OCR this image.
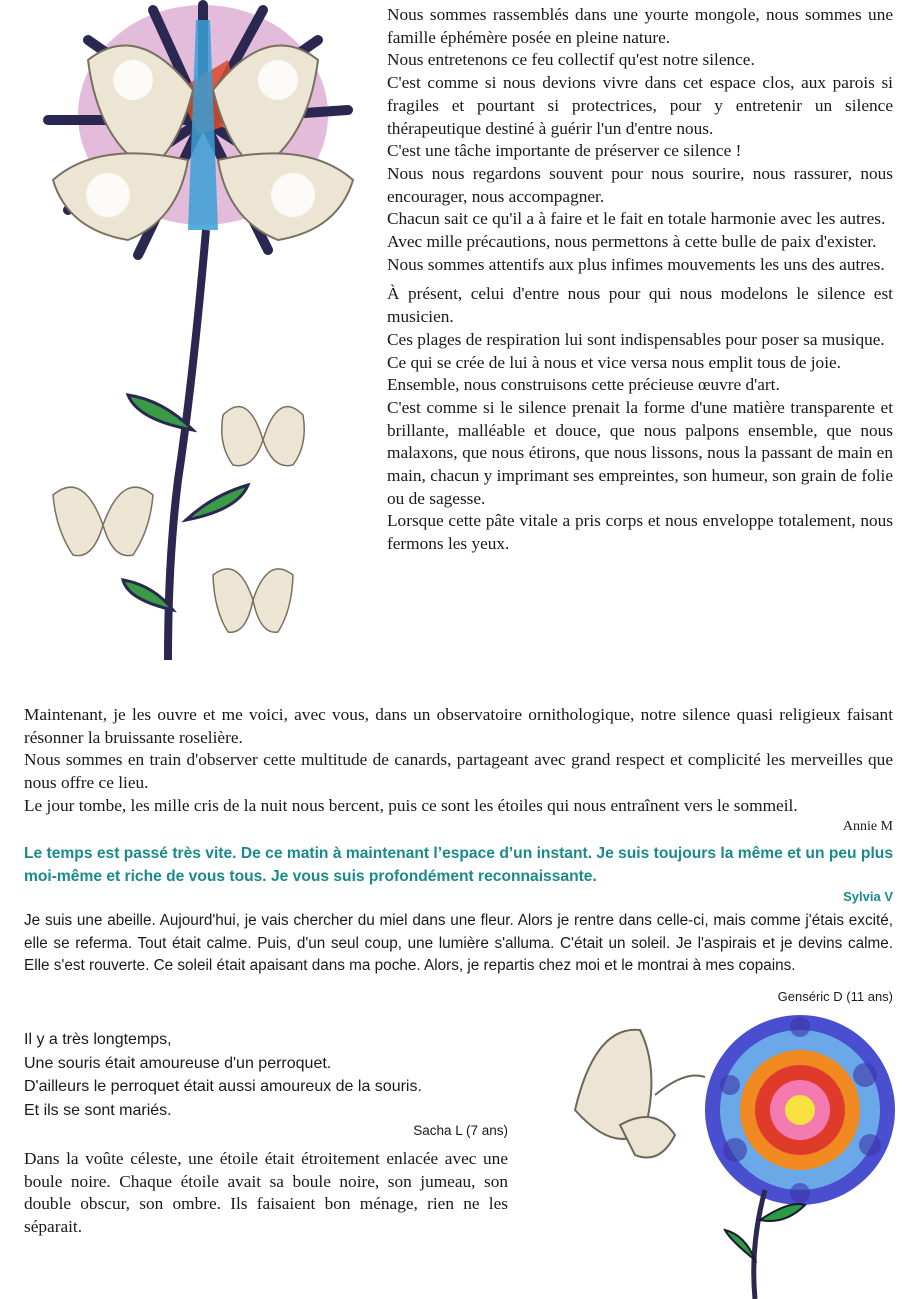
Nous sommes rassemblés dans une yourte mongole, nous sommes une famille éphémère posée en pleine nature.

Nous entretenons ce feu collectif qu'est notre silence.

C'est comme si nous devions vivre dans cet espace clos, aux parois si fragiles et pourtant si protectrices, pour y entretenir un silence thérapeutique destiné à guérir l'un d'entre nous.

C'est une tâche importante de préserver ce silence !

Nous nous regardons souvent pour nous sourire, nous rassurer, nous encourager, nous accompagner.

Chacun sait ce qu'il a à faire et le fait en totale harmonie avec les autres.

Avec mille précautions, nous permettons à cette bulle de paix d'exister.

Nous sommes attentifs aux plus infimes mouvements les uns des autres.

À présent, celui d'entre nous pour qui nous modelons le silence est musicien.

Ces plages de respiration lui sont indispensables pour poser sa musique.

Ce qui se crée de lui à nous et vice versa nous emplit tous de joie.

Ensemble, nous construisons cette précieuse œuvre d'art.

C'est comme si le silence prenait la forme d'une matière transparente et brillante, malléable et douce, que nous palpons ensemble, que nous malaxons, que nous étirons, que nous lissons, nous la passant de main en main, chacun y imprimant ses empreintes, son humeur, son grain de folie ou de sagesse.

Lorsque cette pâte vitale a pris corps et nous enveloppe totalement, nous fermons les yeux.

Maintenant, je les ouvre et me voici, avec vous, dans un observatoire ornithologique, notre silence quasi religieux faisant résonner la bruissante roselière.

Nous sommes en train d'observer cette multitude de canards, partageant avec grand respect et complicité les merveilles que nous offre ce lieu.

Le jour tombe, les mille cris de la nuit nous bercent, puis ce sont les étoiles qui nous entraînent vers le sommeil.

Annie M
Le temps est passé très vite. De ce matin à maintenant l’espace d’un instant. Je suis toujours la même et un peu plus moi-même et riche de vous tous. Je vous suis profondément reconnaissante.
Sylvia V
Je suis une abeille. Aujourd'hui, je vais chercher du miel dans une fleur. Alors je rentre dans celle-ci, mais comme j'étais excité, elle se referma. Tout était calme. Puis, d'un seul coup, une lumière s'alluma. C'était un soleil. Je l'aspirais et je devins calme. Elle s'est rouverte. Ce soleil était apaisant dans ma poche. Alors, je repartis chez moi et le montrai à mes copains.
Genséric D (11 ans)
Il y a très longtemps,
Une souris était amoureuse d'un perroquet.
D'ailleurs le perroquet était aussi amoureux de la souris.
Et ils se sont mariés.
Sacha L (7 ans)

Dans la voûte céleste, une étoile était étroitement enlacée avec une boule noire. Chaque étoile avait sa boule noire, son jumeau, son double obscur, son ombre. Ils faisaient bon ménage, rien ne les séparait.
